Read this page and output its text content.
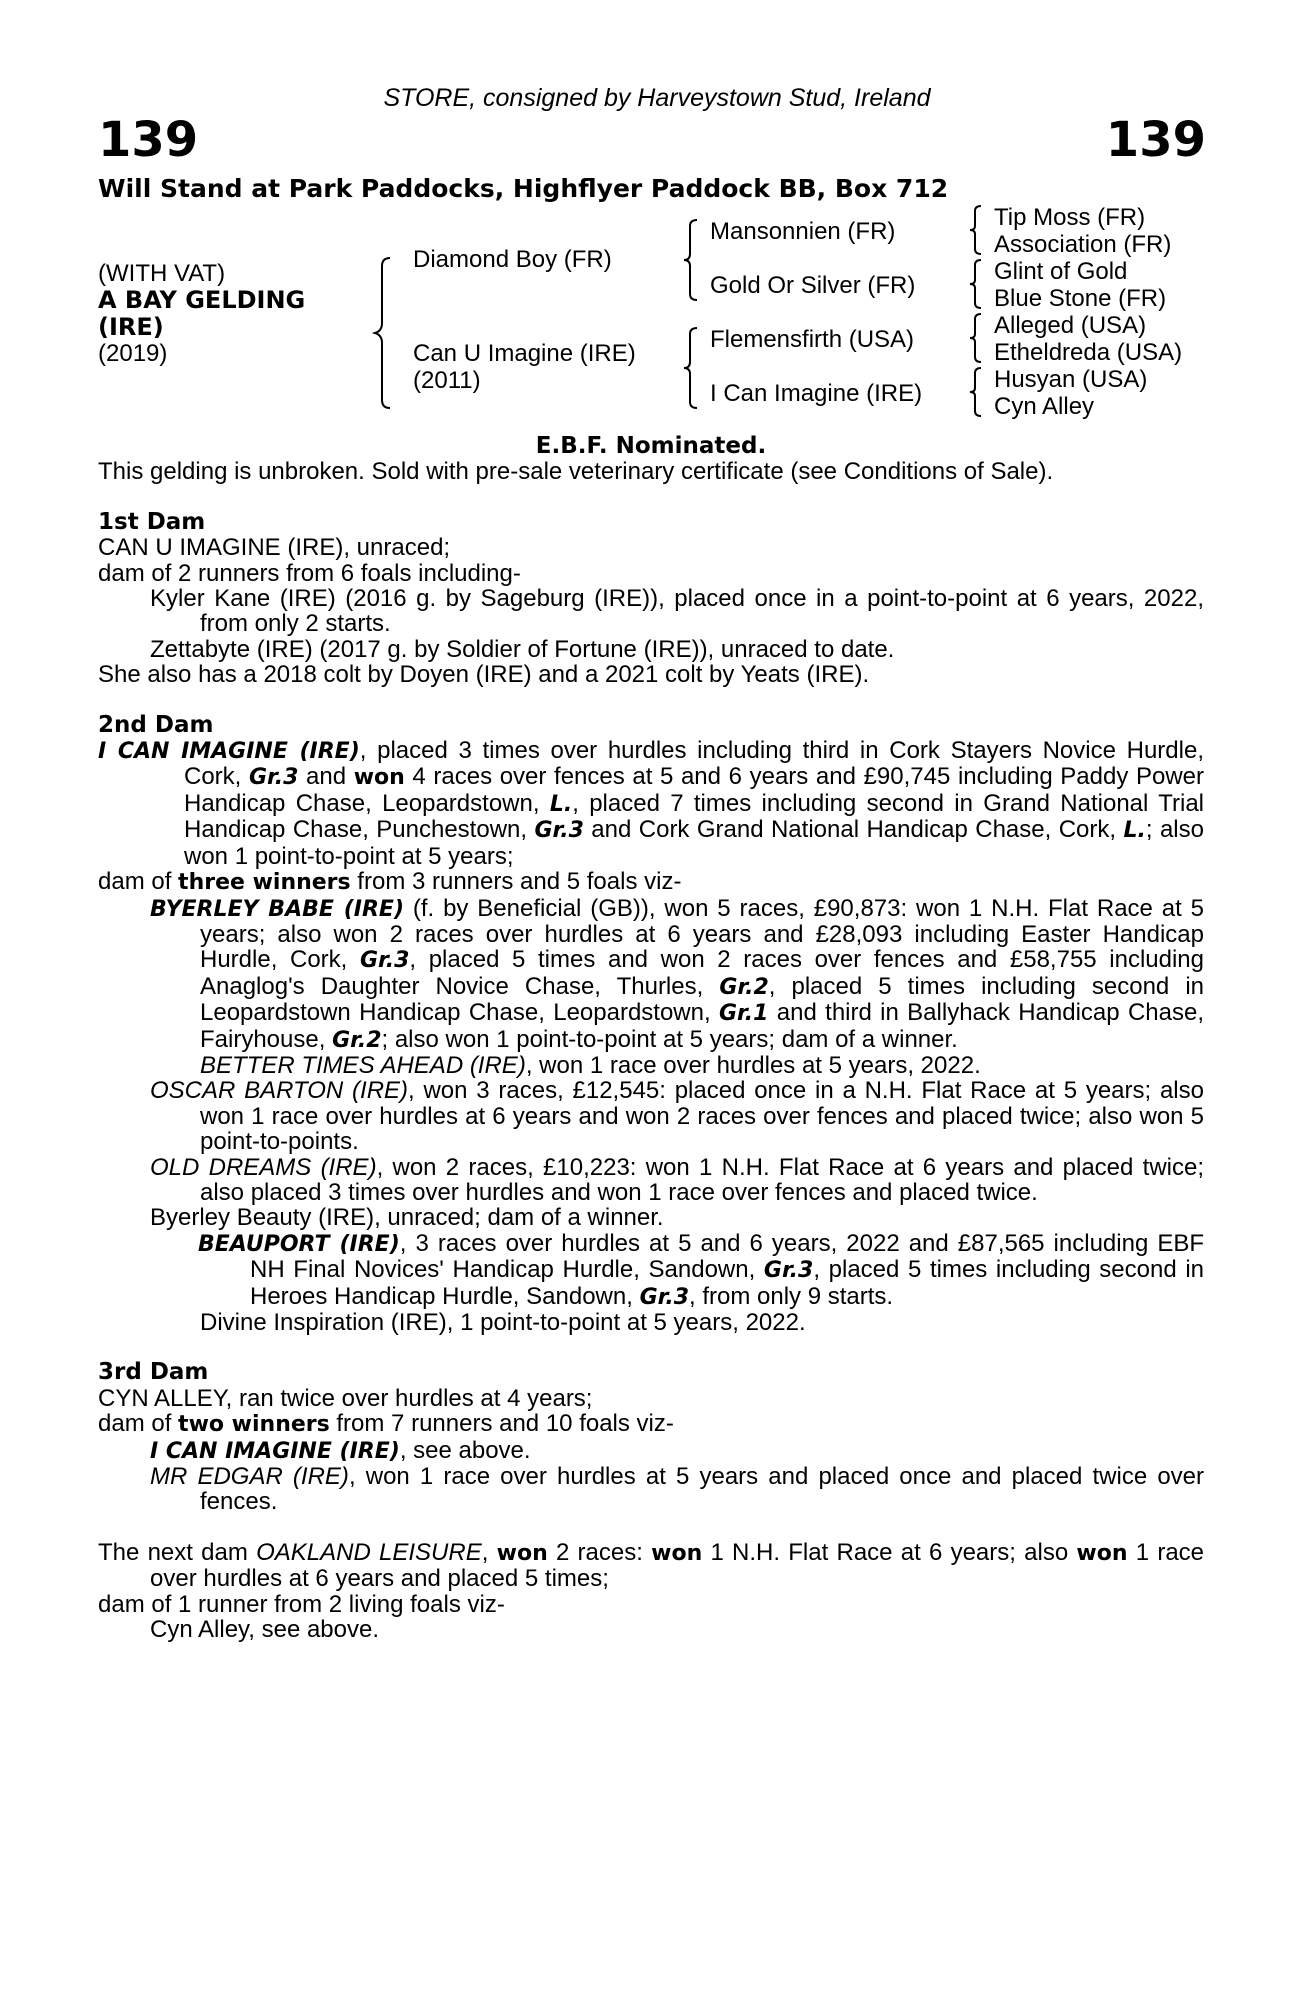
STORE, consigned by Harveystown Stud, Ireland
139	139
Will Stand at Park Paddocks, Highflyer Paddock BB, Box 712
(WITH VAT)
A BAY GELDING
(IRE)
(2019)
Diamond Boy (FR)
Can U Imagine (IRE)
(2011)
Mansonnien (FR)
Gold Or Silver (FR)
Flemensfirth (USA)
I Can Imagine (IRE)
Tip Moss (FR)
Association (FR)
Glint of Gold
Blue Stone (FR)
Alleged (USA)
Etheldreda (USA)
Husyan (USA)
Cyn Alley

E.B.F. Nominated.

This gelding is unbroken. Sold with pre-sale veterinary certificate (see Conditions of Sale).

1st Dam

CAN U IMAGINE (IRE), unraced;

dam of 2 runners from 6 foals including-

Kyler Kane (IRE) (2016 g. by Sageburg (IRE)), placed once in a point-to-point at 6 years, 2022, from only 2 starts.

Zettabyte (IRE) (2017 g. by Soldier of Fortune (IRE)), unraced to date.

She also has a 2018 colt by Doyen (IRE) and a 2021 colt by Yeats (IRE).

2nd Dam

I CAN IMAGINE (IRE), placed 3 times over hurdles including third in Cork Stayers Novice Hurdle, Cork, Gr.3 and won 4 races over fences at 5 and 6 years and £90,745 including Paddy Power Handicap Chase, Leopardstown, L., placed 7 times including second in Grand National Trial Handicap Chase, Punchestown, Gr.3 and Cork Grand National Handicap Chase, Cork, L.; also won 1 point-to-point at 5 years;

dam of three winners from 3 runners and 5 foals viz-

BYERLEY BABE (IRE) (f. by Beneficial (GB)), won 5 races, £90,873: won 1 N.H. Flat Race at 5 years; also won 2 races over hurdles at 6 years and £28,093 including Easter Handicap Hurdle, Cork, Gr.3, placed 5 times and won 2 races over fences and £58,755 including Anaglog's Daughter Novice Chase, Thurles, Gr.2, placed 5 times including second in Leopardstown Handicap Chase, Leopardstown, Gr.1 and third in Ballyhack Handicap Chase, Fairyhouse, Gr.2; also won 1 point-to-point at 5 years; dam of a winner.

BETTER TIMES AHEAD (IRE), won 1 race over hurdles at 5 years, 2022.

OSCAR BARTON (IRE), won 3 races, £12,545: placed once in a N.H. Flat Race at 5 years; also won 1 race over hurdles at 6 years and won 2 races over fences and placed twice; also won 5 point-to-points.

OLD DREAMS (IRE), won 2 races, £10,223: won 1 N.H. Flat Race at 6 years and placed twice; also placed 3 times over hurdles and won 1 race over fences and placed twice.

Byerley Beauty (IRE), unraced; dam of a winner.

BEAUPORT (IRE), 3 races over hurdles at 5 and 6 years, 2022 and £87,565 including EBF NH Final Novices' Handicap Hurdle, Sandown, Gr.3, placed 5 times including second in Heroes Handicap Hurdle, Sandown, Gr.3, from only 9 starts.

Divine Inspiration (IRE), 1 point-to-point at 5 years, 2022.

3rd Dam

CYN ALLEY, ran twice over hurdles at 4 years;

dam of two winners from 7 runners and 10 foals viz-

I CAN IMAGINE (IRE), see above.

MR EDGAR (IRE), won 1 race over hurdles at 5 years and placed once and placed twice over fences.

The next dam OAKLAND LEISURE, won 2 races: won 1 N.H. Flat Race at 6 years; also won 1 race over hurdles at 6 years and placed 5 times;

dam of 1 runner from 2 living foals viz-

Cyn Alley, see above.
